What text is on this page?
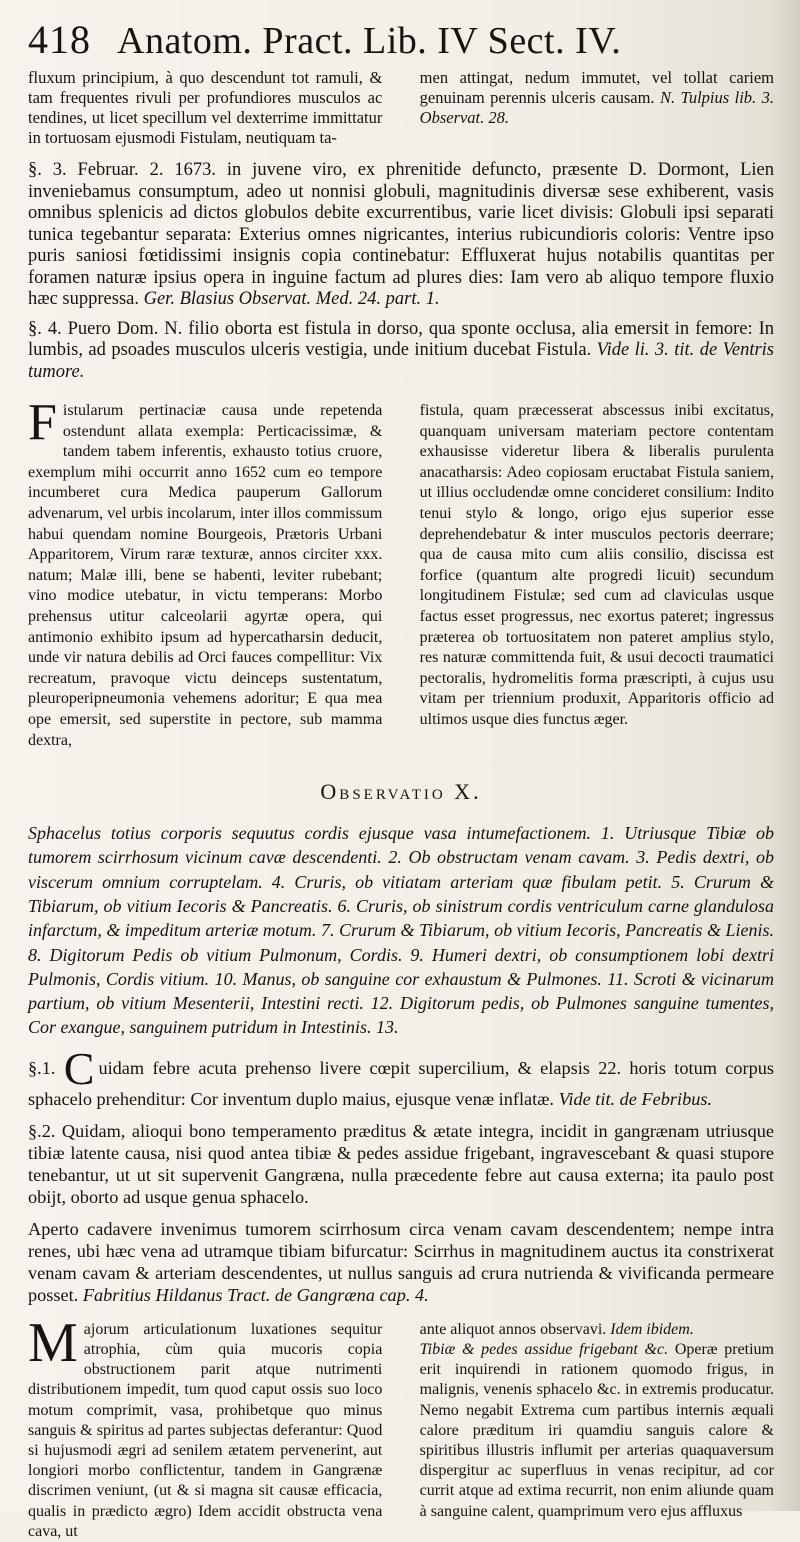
418 Anatom. Pract. Lib. IV Sect. IV.
fluxum principium, à quo descendunt tot ramuli, & tam frequentes rivuli per profundiores musculos ac tendines, ut licet specillum vel dexterrime immittatur in tortuosam ejusmodi Fistulam, neutiquam ta-
men attingat, nedum immutet, vel tollat cariem genuinam perennis ulceris causam. N. Tulpius lib. 3. Observat. 28.
§. 3. Februar. 2. 1673. in juvene viro, ex phrenitide defuncto, præsente D. Dormont, Lien inveniebamus consumptum, adeo ut nonnisi globuli, magnitudinis diversæ sese exhiberent, vasis omnibus splenicis ad dictos globulos debite excurrentibus, varie licet divisis: Globuli ipsi separati tunica tegebantur separata: Exterius omnes nigricantes, interius rubicundioris coloris: Ventre ipso puris saniosi fœtidissimi insignis copia continebatur: Effluxerat hujus notabilis quantitas per foramen naturæ ipsius opera in inguine factum ad plures dies: Iam vero ab aliquo tempore fluxio hæc suppressa. Ger. Blasius Observat. Med. 24. part. 1.
§. 4. Puero Dom. N. filio oborta est fistula in dorso, qua sponte occlusa, alia emersit in femore: In lumbis, ad psoades musculos ulceris vestigia, unde initium ducebat Fistula. Vide li. 3. tit. de Ventris tumore.
F istularum pertinaciæ causa unde repetenda ostendunt allata exempla: Perticacissimæ, & tandem tabem inferentis, exhausto totius cruore, exemplum mihi occurrit anno 1652 cum eo tempore incumberet cura Medica pauperum Gallorum advenarum, vel urbis incolarum, inter illos commissum habui quendam nomine Bourgeois, Prætoris Urbani Apparitorem, Virum raræ texturæ, annos circiter xxx. natum; Malæ illi, bene se habenti, leviter rubebant; vino modice utebatur, in victu temperans: Morbo prehensus utitur calceolarii agyrtæ opera, qui antimonio exhibito ipsum ad hypercatharsin deducit, unde vir natura debilis ad Orci fauces compellitur: Vix recreatum, pravoque victu deinceps sustentatum, pleuroperipneumonia vehemens adoritur; E qua mea ope emersit, sed superstite in pectore, sub mamma dextra,
fistula, quam præcesserat abscessus inibi excitatus, quanquam universam materiam pectore contentam exhausisse videretur libera & liberalis purulenta anacatharsis: Adeo copiosam eructabat Fistula saniem, ut illius occludendæ omne concideret consilium: Indito tenui stylo & longo, origo ejus superior esse deprehendebatur & inter musculos pectoris deerrare; qua de causa mito cum aliis consilio, discissa est forfice (quantum alte progredi licuit) secundum longitudinem Fistulæ; sed cum ad claviculas usque factus esset progressus, nec exortus pateret; ingressus præterea ob tortuositatem non pateret amplius stylo, res naturæ committenda fuit, & usui decocti traumatici pectoralis, hydromelitis forma præscripti, à cujus usu vitam per triennium produxit, Apparitoris officio ad ultimos usque dies functus æger.
Observatio X.
Sphacelus totius corporis sequutus cordis ejusque vasa intumefactionem. 1. Utriusque Tibiæ ob tumorem scirrhosum vicinum cavæ descendenti. 2. Ob obstructam venam cavam. 3. Pedis dextri, ob viscerum omnium corruptelam. 4. Cruris, ob vitiatam arteriam quæ fibulam petit. 5. Crurum & Tibiarum, ob vitium Iecoris & Pancreatis. 6. Cruris, ob sinistrum cordis ventriculum carne glandulosa infarctum, & impeditum arteriæ motum. 7. Crurum & Tibiarum, ob vitium Iecoris, Pancreatis & Lienis. 8. Digitorum Pedis ob vitium Pulmonum, Cordis. 9. Humeri dextri, ob consumptionem lobi dextri Pulmonis, Cordis vitium. 10. Manus, ob sanguine cor exhaustum & Pulmones. 11. Scroti & vicinarum partium, ob vitium Mesenterii, Intestini recti. 12. Digitorum pedis, ob Pulmones sanguine tumentes, Cor exangue, sanguinem putridum in Intestinis. 13.
§.1. C uidam febre acuta prehenso livere cœpit supercilium, & elapsis 22. horis totum corpus sphacelo prehenditur: Cor inventum duplo maius, ejusque venæ inflatæ. Vide tit. de Febribus.
§.2. Quidam, alioqui bono temperamento præditus & ætate integra, incidit in gangrænam utriusque tibiæ latente causa, nisi quod antea tibiæ & pedes assidue frigebant, ingravescebant & quasi stupore tenebantur, ut ut sit supervenit Gangræna, nulla præcedente febre aut causa externa; ita paulo post obijt, oborto ad usque genua sphacelo.
Aperto cadavere invenimus tumorem scirrhosum circa venam cavam descendentem; nempe intra renes, ubi hæc vena ad utramque tibiam bifurcatur: Scirrhus in magnitudinem auctus ita constrixerat venam cavam & arteriam descendentes, ut nullus sanguis ad crura nutrienda & vivificanda permeare posset. Fabritius Hildanus Tract. de Gangræna cap. 4.
M ajorum articulationum luxationes sequitur atrophia, cùm quia mucoris copia obstructionem parit atque nutrimenti distributionem impedit, tum quod caput ossis suo loco motum comprimit, vasa, prohibetque quo minus sanguis & spiritus ad partes subjectas deferantur: Quod si hujusmodi ægri ad senilem ætatem pervenerint, aut longiori morbo conflictentur, tandem in Gangrænæ discrimen veniunt, (ut & si magna sit causæ efficacia, qualis in prædicto ægro) Idem accidit obstructa vena cava, ut
ante aliquot annos observavi. Idem ibidem.
Tibiæ & pedes assidue frigebant &c. Operæ pretium erit inquirendi in rationem quomodo frigus, in malignis, venenis sphacelo &c. in extremis producatur. Nemo negabit Extrema cum partibus internis æquali calore præditum iri quamdiu sanguis calore & spiritibus illustris influmit per arterias quaquaversum dispergitur ac superfluus in venas recipitur, ad cor currit atque ad extima recurrit, non enim aliunde quam à sanguine calent, quamprimum vero ejus affluxus
